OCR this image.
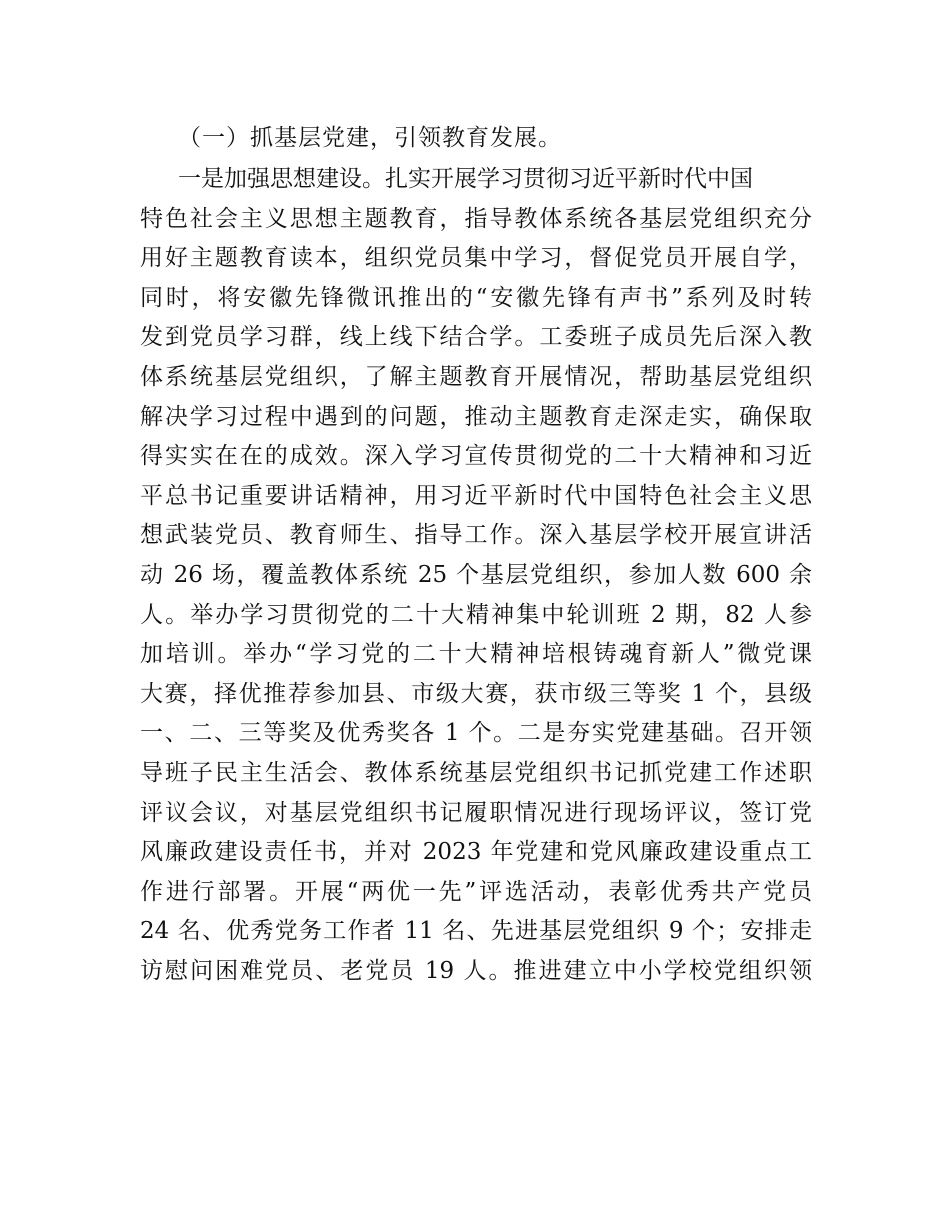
（一）抓基层党建，引领教育发展。
一是加强思想建设。扎实开展学习贯彻习近平新时代中国
特色社会主义思想主题教育，指导教体系统各基层党组织充分
用好主题教育读本，组织党员集中学习，督促党员开展自学，
同时，将安徽先锋微讯推出的“安徽先锋有声书”系列及时转
发到党员学习群，线上线下结合学。工委班子成员先后深入教
体系统基层党组织，了解主题教育开展情况，帮助基层党组织
解决学习过程中遇到的问题，推动主题教育走深走实，确保取
得实实在在的成效。深入学习宣传贯彻党的二十大精神和习近
平总书记重要讲话精神，用习近平新时代中国特色社会主义思
想武装党员、教育师生、指导工作。深入基层学校开展宣讲活
动 26 场，覆盖教体系统 25 个基层党组织，参加人数 600 余
人。举办学习贯彻党的二十大精神集中轮训班 2 期，82 人参
加培训。举办“学习党的二十大精神培根铸魂育新人”微党课
大赛，择优推荐参加县、市级大赛，获市级三等奖 1 个，县级
一、二、三等奖及优秀奖各 1 个。二是夯实党建基础。召开领
导班子民主生活会、教体系统基层党组织书记抓党建工作述职
评议会议，对基层党组织书记履职情况进行现场评议，签订党
风廉政建设责任书，并对 2023 年党建和党风廉政建设重点工
作进行部署。开展“两优一先”评选活动，表彰优秀共产党员
24 名、优秀党务工作者 11 名、先进基层党组织 9 个；安排走
访慰问困难党员、老党员 19 人。推进建立中小学校党组织领
